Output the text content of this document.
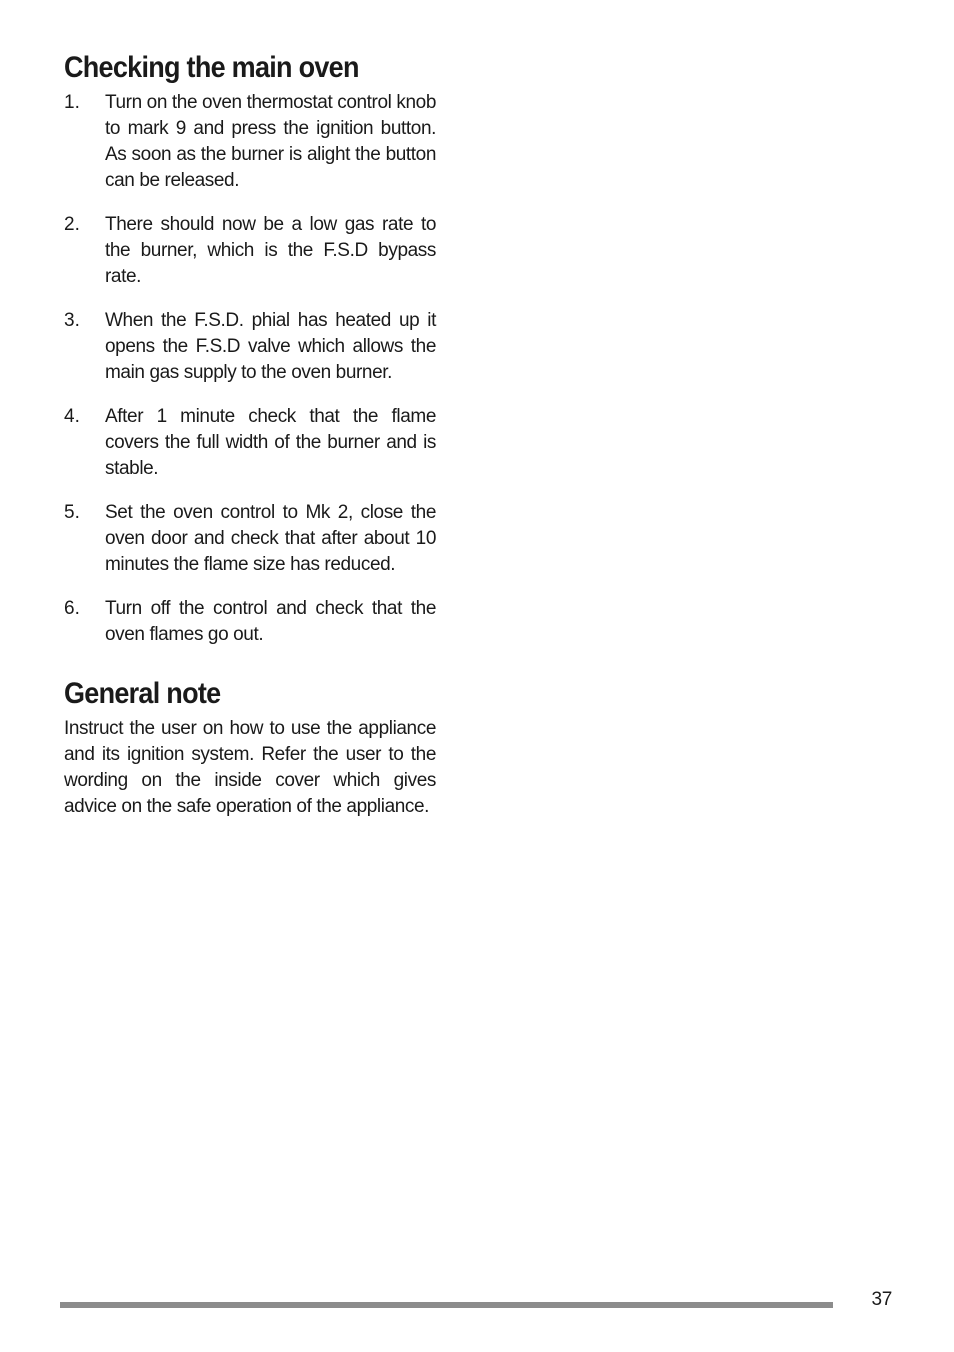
Checking the main oven
1.	Turn on the oven thermostat control knob to mark 9 and press the ignition button. As soon as the burner is alight the button can be released.
2.	There should now be a low gas rate to the burner, which is the F.S.D bypass rate.
3.	When the F.S.D. phial has heated up it opens the F.S.D valve which allows the main gas supply to the oven burner.
4.	After 1 minute check that the flame covers the full width of the burner and is stable.
5.	Set the oven control to Mk 2, close the oven door and check that after about 10 minutes the flame size has reduced.
6.	Turn off the control and check that the oven flames go out.
General note

Instruct the user on how to use the appliance and its ignition system. Refer the user to the wording on the inside cover which gives advice on the safe operation of the appliance.

37
